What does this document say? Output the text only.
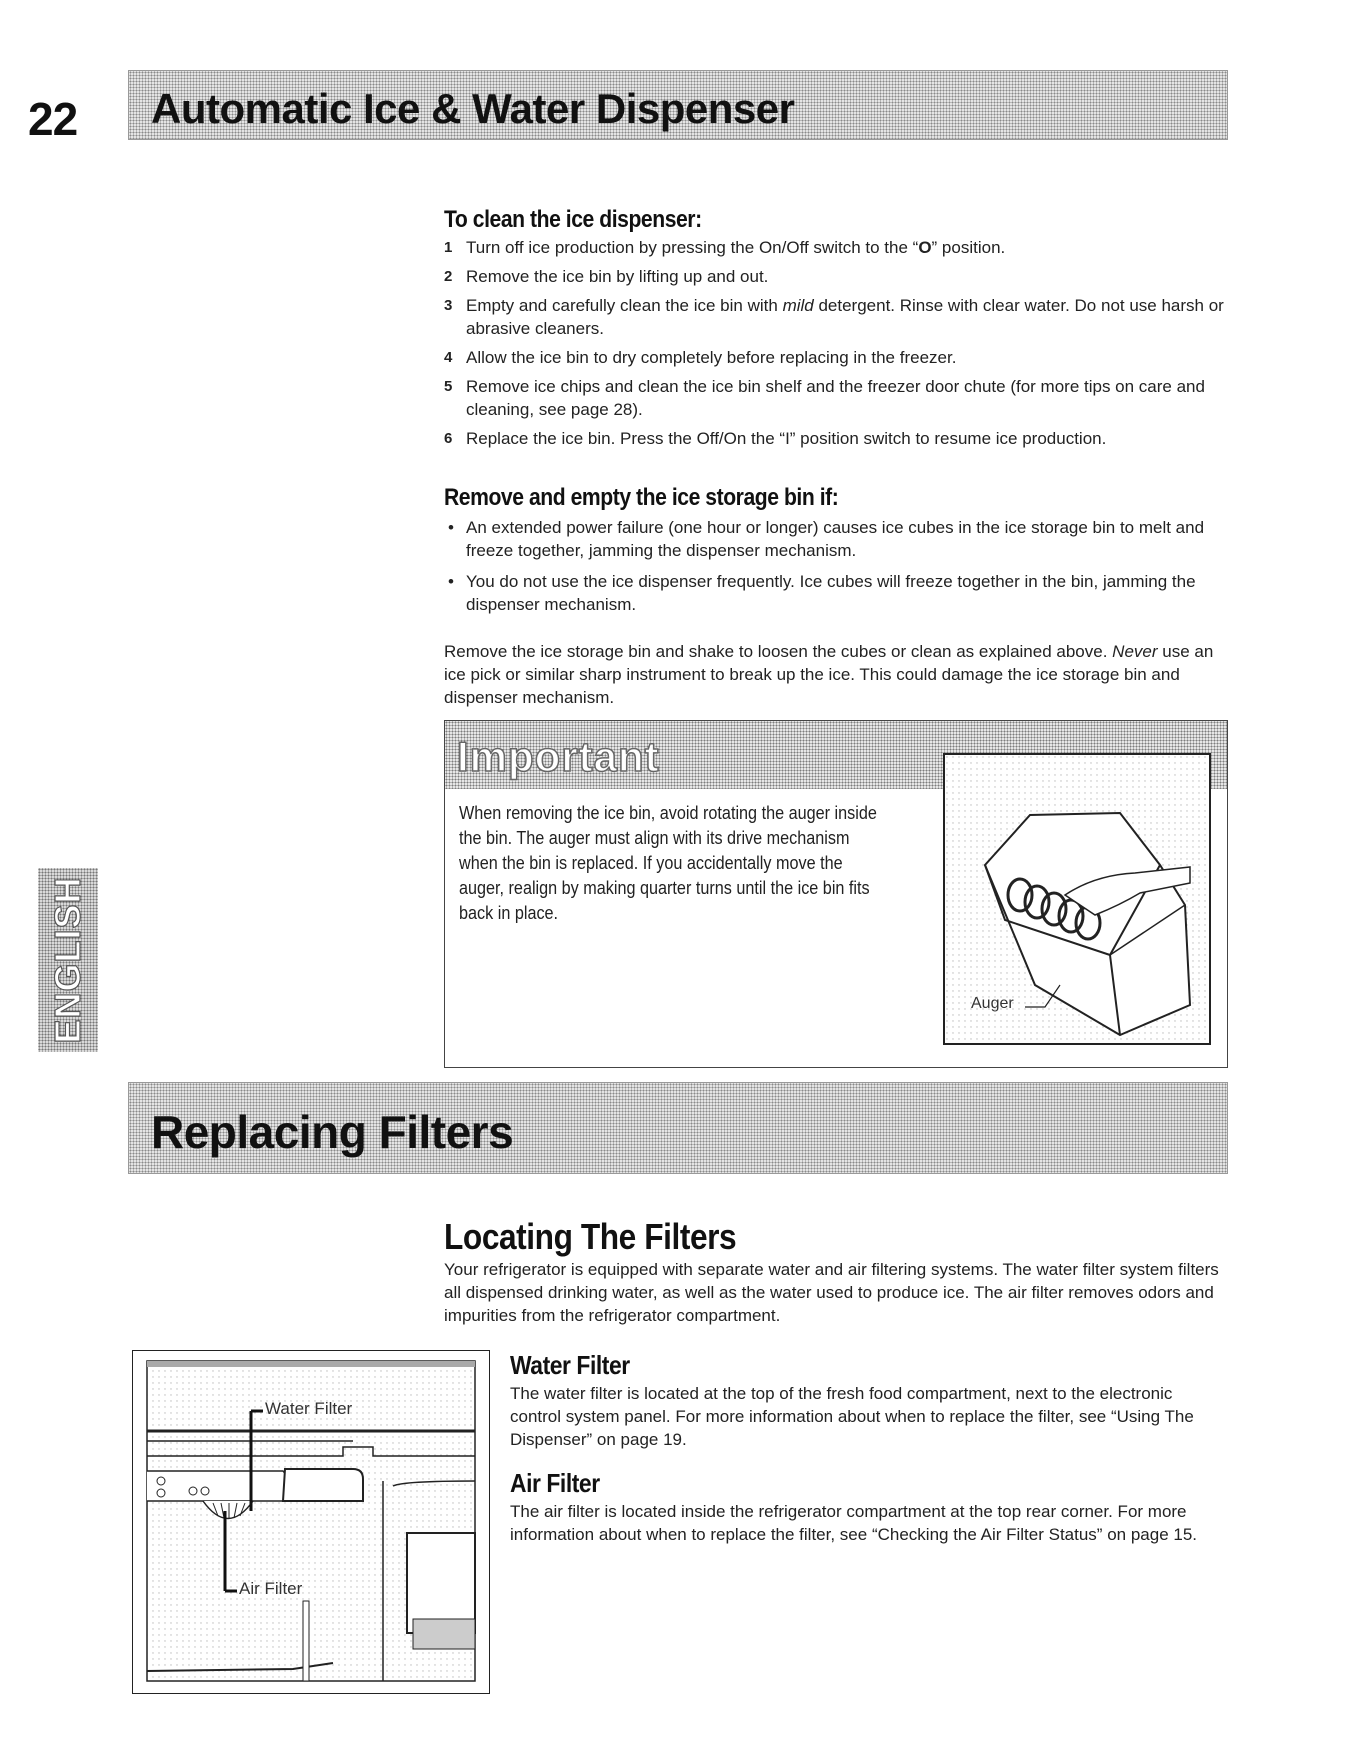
22 Automatic Ice & Water Dispenser
To clean the ice dispenser:
1 Turn off ice production by pressing the On/Off switch to the “O” position.
2 Remove the ice bin by lifting up and out.
3 Empty and carefully clean the ice bin with mild detergent. Rinse with clear water. Do not use harsh or abrasive cleaners.
4 Allow the ice bin to dry completely before replacing in the freezer.
5 Remove ice chips and clean the ice bin shelf and the freezer door chute (for more tips on care and cleaning, see page 28).
6 Replace the ice bin. Press the Off/On the “I” position switch to resume ice production.
Remove and empty the ice storage bin if:
• An extended power failure (one hour or longer) causes ice cubes in the ice storage bin to melt and freeze together, jamming the dispenser mechanism.
• You do not use the ice dispenser frequently. Ice cubes will freeze together in the bin, jamming the dispenser mechanism.
Remove the ice storage bin and shake to loosen the cubes or clean as explained above. Never use an ice pick or similar sharp instrument to break up the ice. This could damage the ice storage bin and dispenser mechanism.
Important
When removing the ice bin, avoid rotating the auger inside the bin. The auger must align with its drive mechanism when the bin is replaced. If you accidentally move the auger, realign by making quarter turns until the ice bin fits back in place.
Auger
ENGLISH
Replacing Filters
Locating The Filters
Your refrigerator is equipped with separate water and air filtering systems. The water filter system filters all dispensed drinking water, as well as the water used to produce ice. The air filter removes odors and impurities from the refrigerator compartment.
Water Filter
Air Filter
Water Filter
The water filter is located at the top of the fresh food compartment, next to the electronic control system panel. For more information about when to replace the filter, see “Using The Dispenser” on page 19.
Air Filter
The air filter is located inside the refrigerator compartment at the top rear corner. For more information about when to replace the filter, see “Checking the Air Filter Status” on page 15.
